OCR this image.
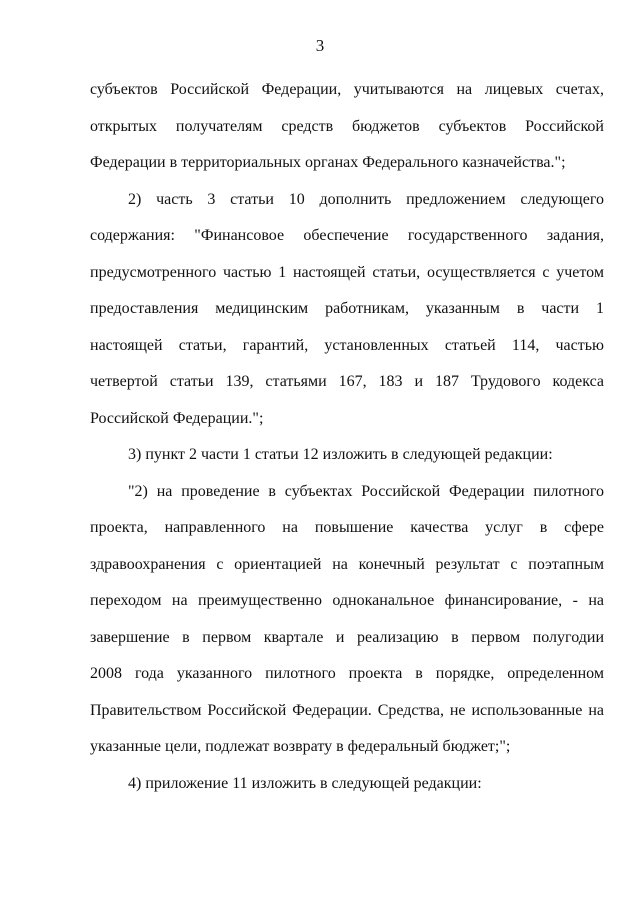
3
субъектов Российской Федерации, учитываются на лицевых счетах,
открытых получателям средств бюджетов субъектов Российской
Федерации в территориальных органах Федерального казначейства.";
2) часть 3 статьи 10 дополнить предложением следующего
содержания: "Финансовое обеспечение государственного задания,
предусмотренного частью 1 настоящей статьи, осуществляется с учетом
предоставления медицинским работникам, указанным в части 1
настоящей статьи, гарантий, установленных статьей 114, частью
четвертой статьи 139, статьями 167, 183 и 187 Трудового кодекса
Российской Федерации.";
3) пункт 2 части 1 статьи 12 изложить в следующей редакции:
"2) на проведение в субъектах Российской Федерации пилотного
проекта, направленного на повышение качества услуг в сфере
здравоохранения с ориентацией на конечный результат с поэтапным
переходом на преимущественно одноканальное финансирование, - на
завершение в первом квартале и реализацию в первом полугодии
2008 года указанного пилотного проекта в порядке, определенном
Правительством Российской Федерации. Средства, не использованные на
указанные цели, подлежат возврату в федеральный бюджет;";
4) приложение 11 изложить в следующей редакции:
